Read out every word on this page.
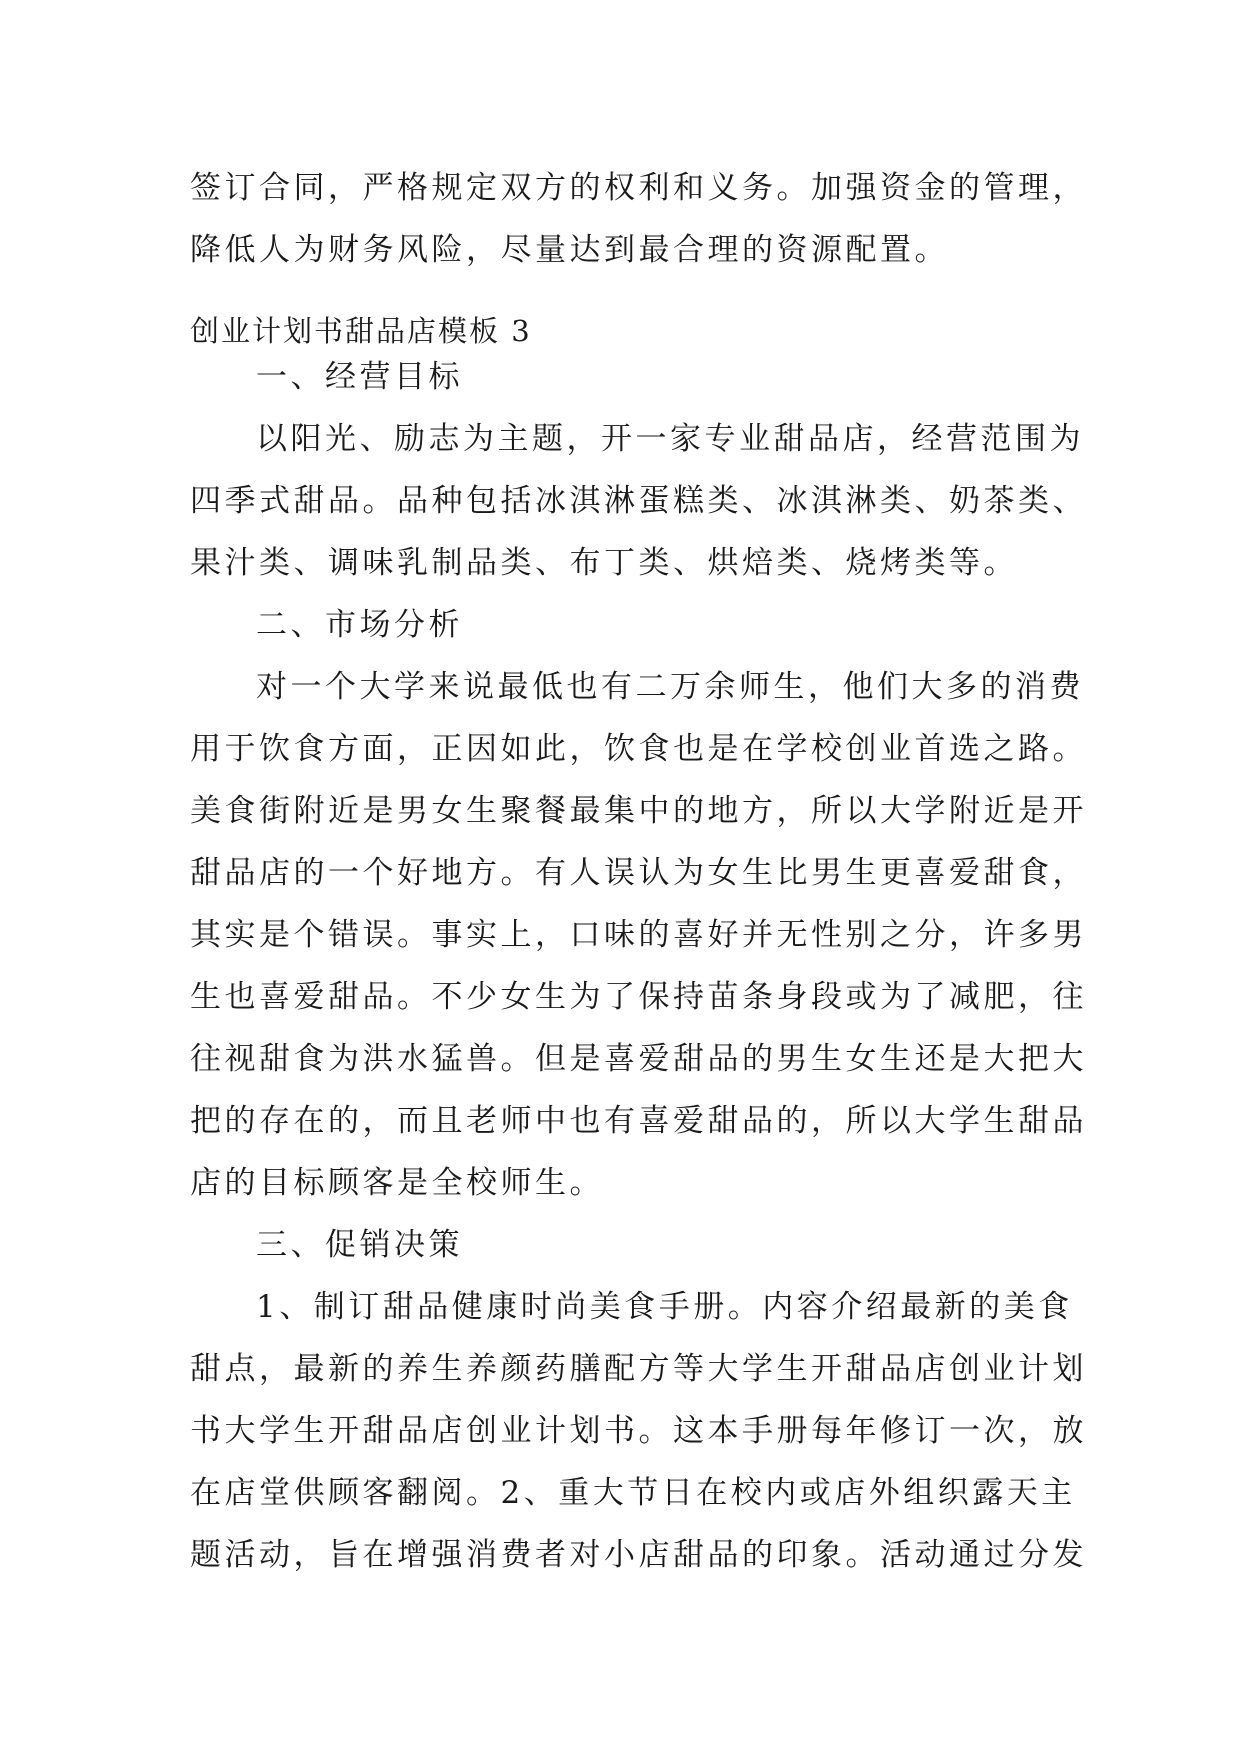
签订合同，严格规定双方的权利和义务。加强资金的管理，
降低人为财务风险，尽量达到最合理的资源配置。
创业计划书甜品店模板 3
一、经营目标
以阳光、励志为主题，开一家专业甜品店，经营范围为
四季式甜品。品种包括冰淇淋蛋糕类、冰淇淋类、奶茶类、
果汁类、调味乳制品类、布丁类、烘焙类、烧烤类等。
二、市场分析
对一个大学来说最低也有二万余师生，他们大多的消费
用于饮食方面，正因如此，饮食也是在学校创业首选之路。
美食街附近是男女生聚餐最集中的地方，所以大学附近是开
甜品店的一个好地方。有人误认为女生比男生更喜爱甜食，
其实是个错误。事实上，口味的喜好并无性别之分，许多男
生也喜爱甜品。不少女生为了保持苗条身段或为了减肥，往
往视甜食为洪水猛兽。但是喜爱甜品的男生女生还是大把大
把的存在的，而且老师中也有喜爱甜品的，所以大学生甜品
店的目标顾客是全校师生。
三、促销决策
1、制订甜品健康时尚美食手册。内容介绍最新的美食
甜点，最新的养生养颜药膳配方等大学生开甜品店创业计划
书大学生开甜品店创业计划书。这本手册每年修订一次，放
在店堂供顾客翻阅。2、重大节日在校内或店外组织露天主
题活动，旨在增强消费者对小店甜品的印象。活动通过分发
